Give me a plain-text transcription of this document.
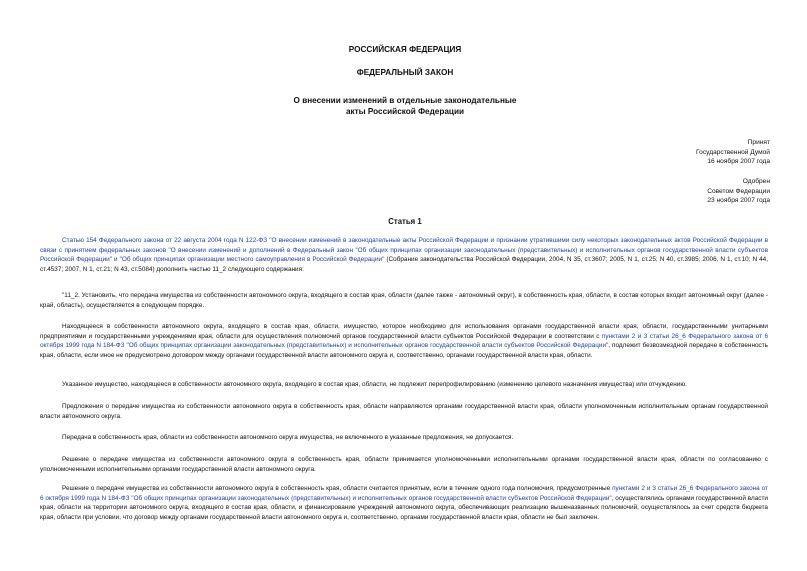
РОССИЙСКАЯ ФЕДЕРАЦИЯ
ФЕДЕРАЛЬНЫЙ ЗАКОН
О внесении изменений в отдельные законодательные
акты Российской Федерации
Принят
Государственной Думой
16 ноября 2007 года
Одобрен
Советом Федерации
23 ноября 2007 года
Статья 1

Статью 154 Федерального закона от 22 августа 2004 года N 122-ФЗ "О внесении изменений в законодательные акты Российской Федерации и признании утратившими силу некоторых законодательных актов Российской Федерации в связи с принятием федеральных законов "О внесении изменений и дополнений в Федеральный закон "Об общих принципах организации законодательных (представительных) и исполнительных органов государственной власти субъектов Российской Федерации" и "Об общих принципах организации местного самоуправления в Российской Федерации" (Собрание законодательства Российской Федерации, 2004, N 35, ст.3607; 2005, N 1, ст.25; N 40, ст.3985; 2006, N 1, ст.10; N 44, ст.4537; 2007, N 1, ст.21; N 43, ст.5084) дополнить частью 11_2 следующего содержания:

"11_2. Установить, что передача имущества из собственности автономного округа, входящего в состав края, области (далее также - автономный округ), в собственность края, области, в состав которых входит автономный округ (далее - край, область), осуществляется в следующем порядке.

Находящееся в собственности автономного округа, входящего в состав края, области, имущество, которое необходимо для использования органами государственной власти края, области, государственными унитарными предприятиями и государственными учреждениями края, области для осуществления полномочий органов государственной власти субъектов Российской Федерации в соответствии с пунктами 2 и 3 статьи 26_6 Федерального закона от 6 октября 1999 года N 184-ФЗ "Об общих принципах организации законодательных (представительных) и исполнительных органов государственной власти субъектов Российской Федерации", подлежит безвозмездной передаче в собственность края, области, если иное не предусмотрено договором между органами государственной власти автономного округа и, соответственно, органами государственной власти края, области.

Указанное имущество, находящееся в собственности автономного округа, входящего в состав края, области, не подлежит перепрофилированию (изменению целевого назначения имущества) или отчуждению.

Предложения о передаче имущества из собственности автономного округа в собственность края, области направляются органами государственной власти края, области уполномоченным исполнительным органам государственной власти автономного округа.

Передача в собственность края, области из собственности автономного округа имущества, не включенного в указанные предложения, не допускается.

Решение о передаче имущества из собственности автономного округа в собственность края, области принимается уполномоченными исполнительными органами государственной власти края, области по согласованию с уполномоченными исполнительными органами государственной власти автономного округа.

Решение о передаче имущества из собственности автономного округа в собственность края, области считается принятым, если в течение одного года полномочия, предусмотренные пунктами 2 и 3 статьи 26_6 Федерального закона от 6 октября 1999 года N 184-ФЗ "Об общих принципах организации законодательных (представительных) и исполнительных органов государственной власти субъектов Российской Федерации", осуществлялись органами государственной власти края, области на территории автономного округа, входящего в состав края, области, и финансирование учреждений автономного округа, обеспечивающих реализацию вышеназванных полномочий, осуществлялось за счет средств бюджета края, области при условии, что договор между органами государственной власти автономного округа и, соответственно, органами государственной власти края, области не был заключен.
